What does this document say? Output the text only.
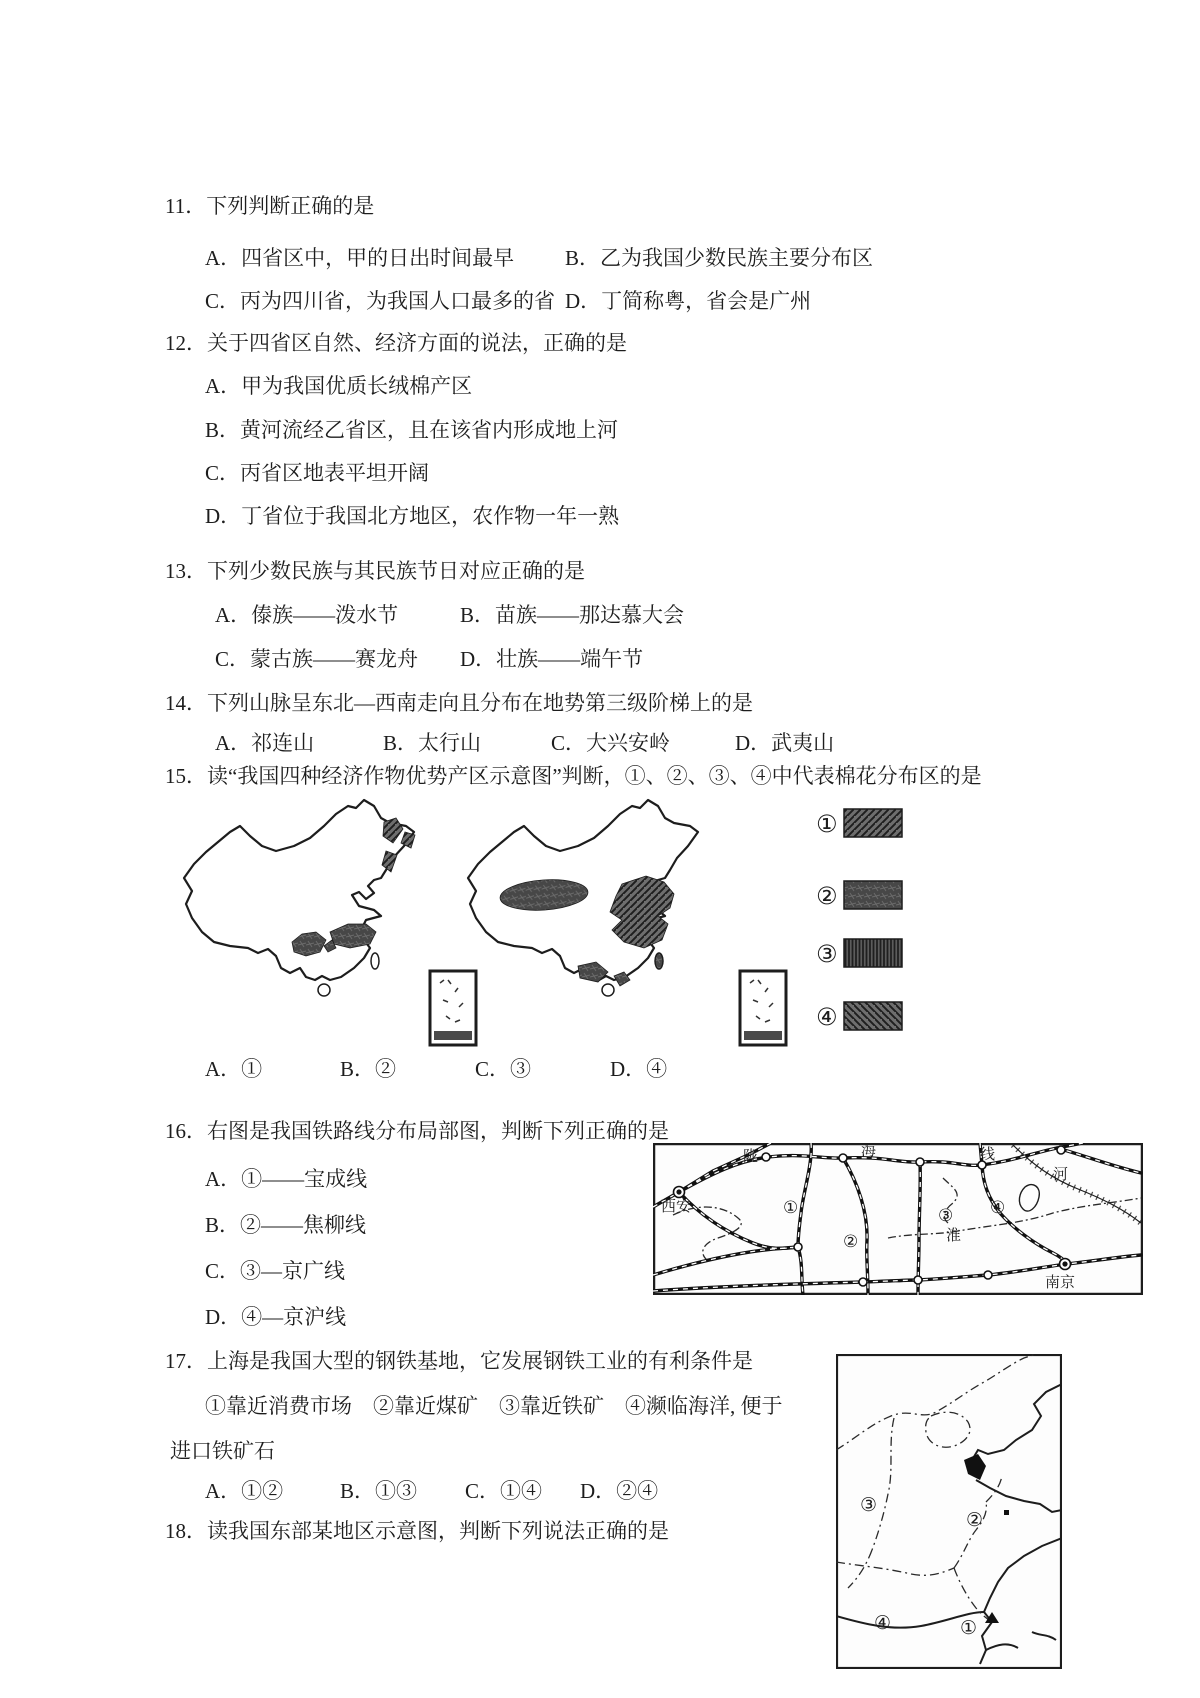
11．下列判断正确的是
A．四省区中，甲的日出时间最早 B．乙为我国少数民族主要分布区
C．丙为四川省，为我国人口最多的省 D．丁简称粤，省会是广州
12．关于四省区自然、经济方面的说法，正确的是
A．甲为我国优质长绒棉产区
B．黄河流经乙省区，且在该省内形成地上河
C．丙省区地表平坦开阔
D．丁省位于我国北方地区，农作物一年一熟
13．下列少数民族与其民族节日对应正确的是
A．傣族——泼水节	B．苗族——那达慕大会
C．蒙古族——赛龙舟 D．壮族——端午节
14．下列山脉呈东北—西南走向且分布在地势第三级阶梯上的是
A．祁连山	B．太行山	C．大兴安岭	D．武夷山
15．读“我国四种经济作物优势产区示意图”判断，①、②、③、④中代表棉花分布区的是
①
②
③
④
A．①	B．②	C．③	D．④
16．右图是我国铁路线分布局部图，判断下列正确的是
A．①——宝成线
B．②——焦柳线
C．③—京广线
D．④—京沪线
西安
陇	海	线
河
淮
南京
①
②
③ ④
17．上海是我国大型的钢铁基地，它发展钢铁工业的有利条件是
①靠近消费市场　②靠近煤矿　③靠近铁矿　④濒临海洋, 便于
进口铁矿石
A．①②	B．①③ C．①④ D．②④
18．读我国东部某地区示意图，判断下列说法正确的是
③
②
④	①
